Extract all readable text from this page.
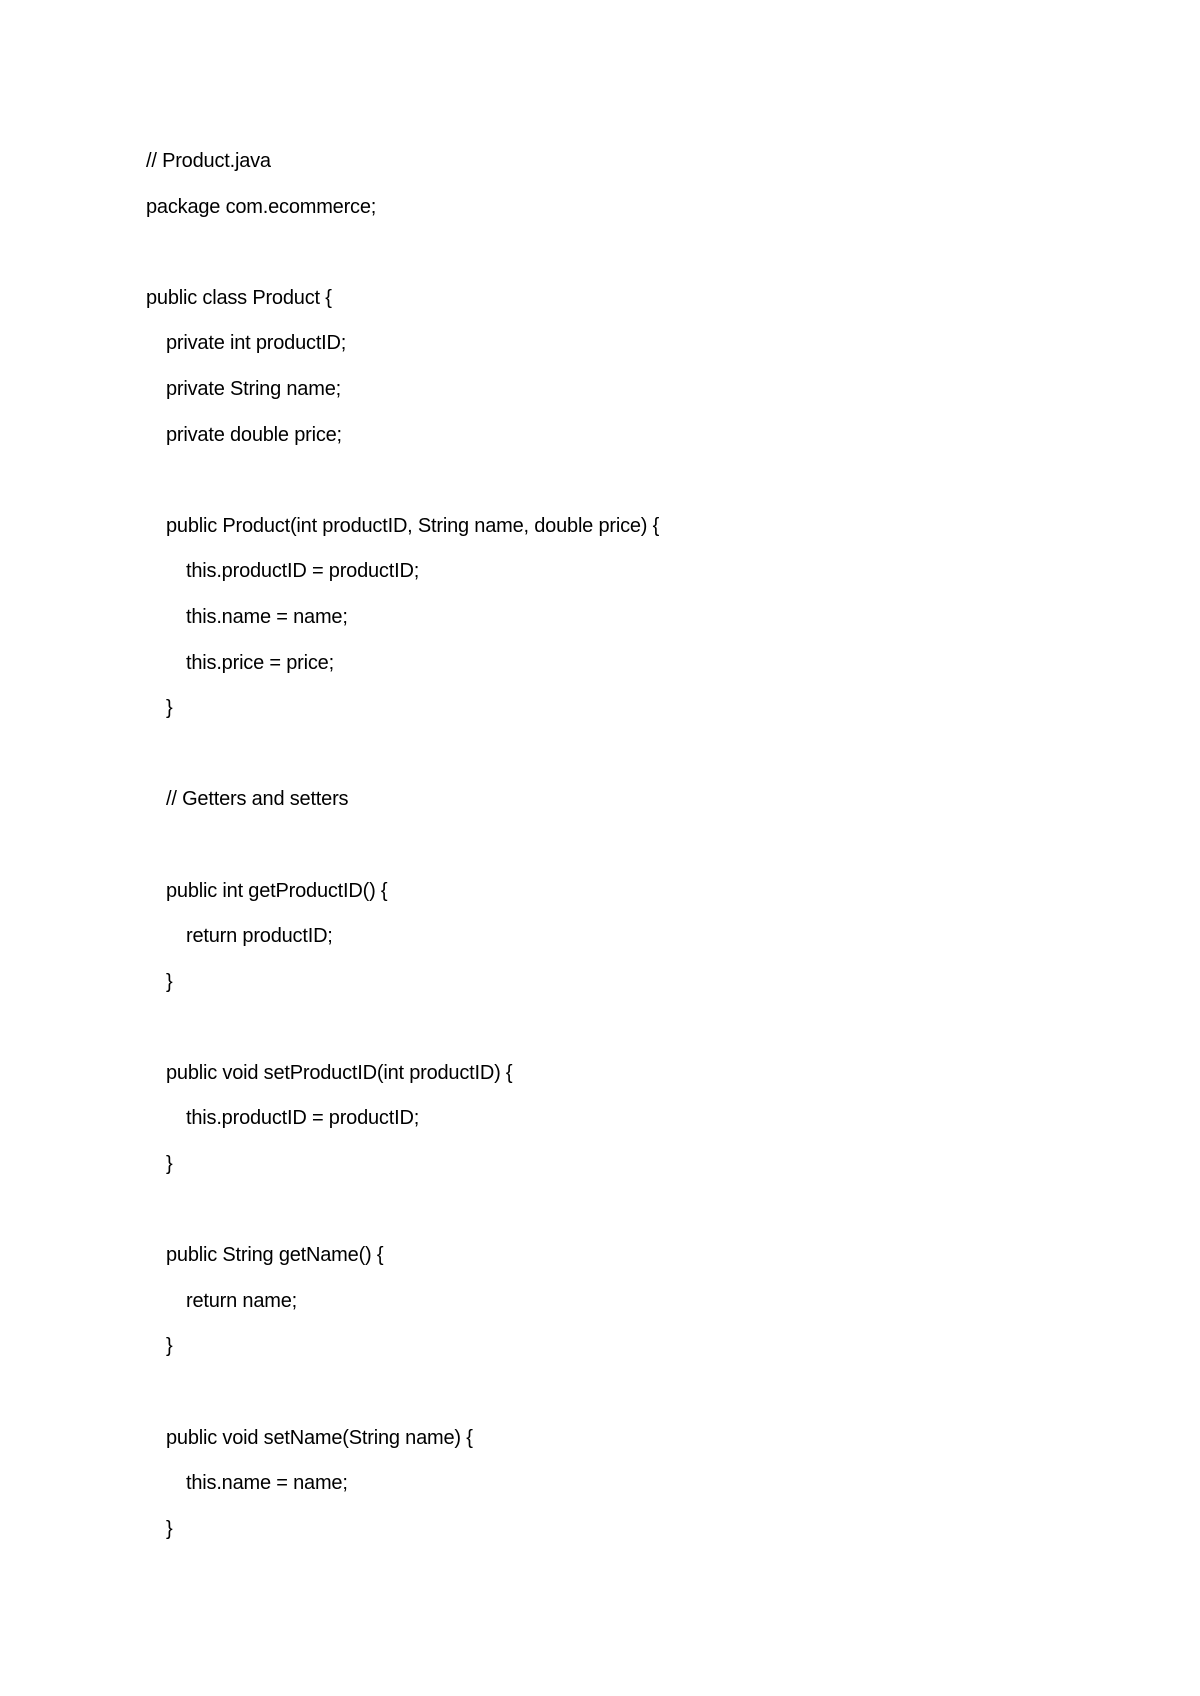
// Product.java
package com.ecommerce;
public class Product {
private int productID;
private String name;
private double price;
public Product(int productID, String name, double price) {
this.productID = productID;
this.name = name;
this.price = price;
}
// Getters and setters
public int getProductID() {
return productID;
}
public void setProductID(int productID) {
this.productID = productID;
}
public String getName() {
return name;
}
public void setName(String name) {
this.name = name;
}
